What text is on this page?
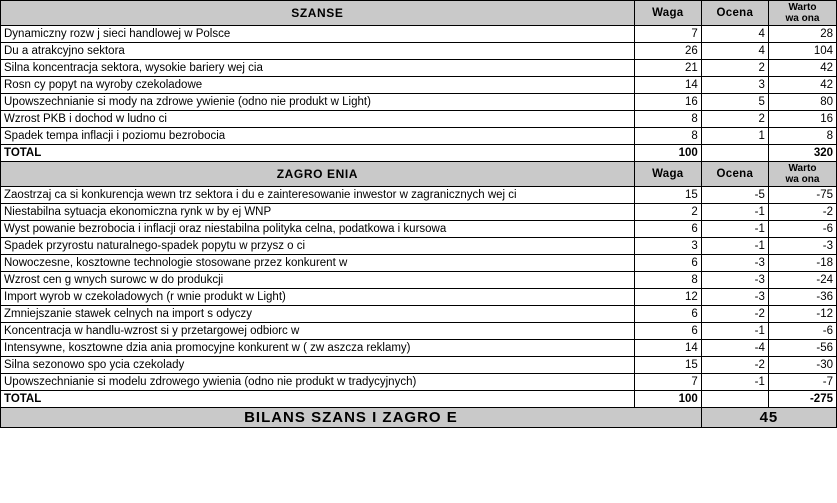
SZANSE	Waga	Ocena	Warto
wa ona

Dynamiczny rozw j sieci handlowej w Polsce	7	4	28
Du a atrakcyjno sektora	26	4	104
Silna koncentracja sektora, wysokie bariery wej cia	21	2	42
Rosn cy popyt na wyroby czekoladowe	14	3	42
Upowszechnianie si mody na zdrowe ywienie (odno nie produkt w Light)	16	5	80
Wzrost PKB i dochod w ludno ci	8	2	16
Spadek tempa inflacji i poziomu bezrobocia	8	1	8
TOTAL	100		320
ZAGRO ENIA	Waga	Ocena	Warto
wa ona

Zaostrzaj ca si konkurencja wewn trz sektora i du e zainteresowanie inwestor w zagranicznych wej ci	15	-5	-75
Niestabilna sytuacja ekonomiczna rynk w by ej WNP	2	-1	-2
Wyst powanie bezrobocia i inflacji oraz niestabilna polityka celna, podatkowa i kursowa	6	-1	-6
Spadek przyrostu naturalnego-spadek popytu w przysz o ci	3	-1	-3
Nowoczesne, kosztowne technologie stosowane przez konkurent w	6	-3	-18
Wzrost cen g wnych surowc w do produkcji	8	-3	-24
Import wyrob w czekoladowych (r wnie produkt w Light)	12	-3	-36
Zmniejszanie stawek celnych na import s odyczy	6	-2	-12
Koncentracja w handlu-wzrost si y przetargowej odbiorc w	6	-1	-6
Intensywne, kosztowne dzia ania promocyjne konkurent w ( zw aszcza reklamy)	14	-4	-56
Silna sezonowo spo ycia czekolady	15	-2	-30
Upowszechnianie si modelu zdrowego ywienia (odno nie produkt w tradycyjnych)	7	-1	-7
TOTAL	100		-275
BILANS SZANS I ZAGRO E		45	
